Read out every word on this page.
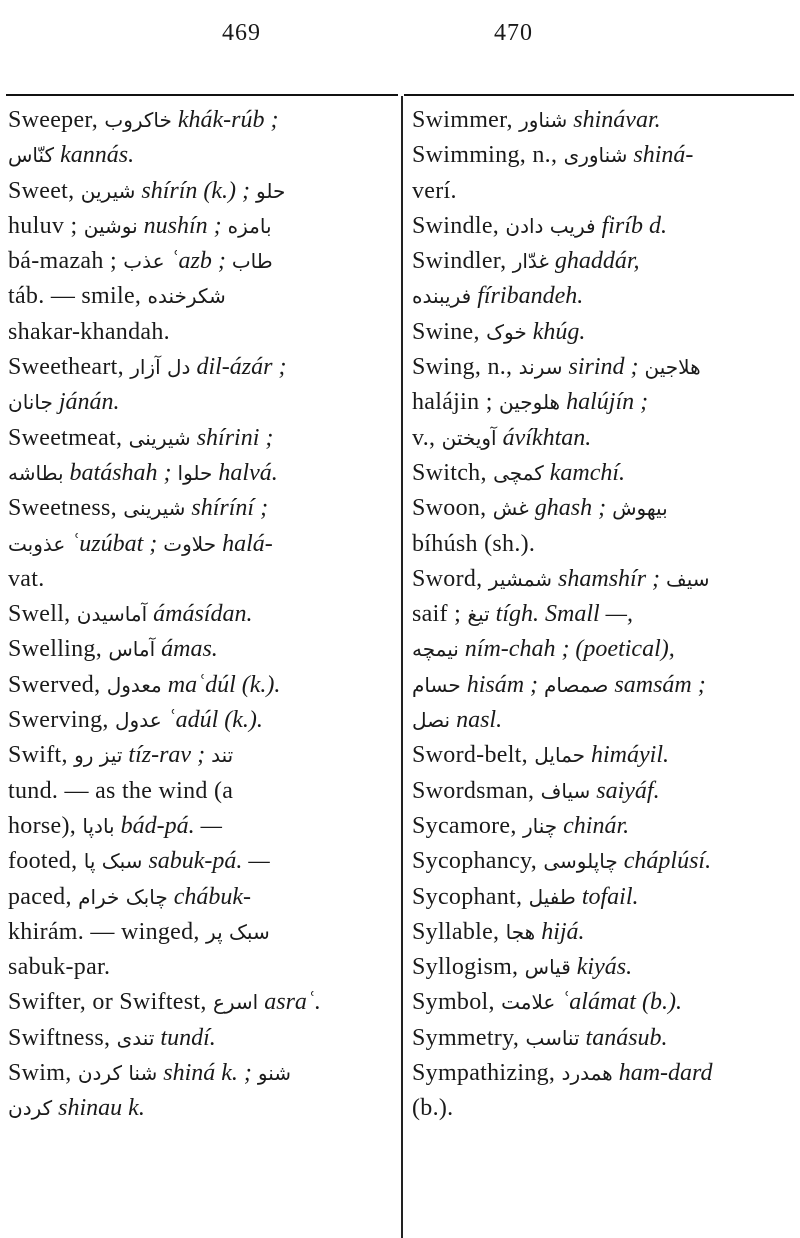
469	470
Sweeper, خاکروب khák-rúb ;
کنّاس kannás.
Sweet, شیرین shírín (k.) ; حلو
huluv ; نوشین nushín ; بامزه
bá-mazah ; عذب ʿazb ; طاب
táb. — smile, شکرخنده
shakar-khandah.
Sweetheart, دل آزار dil-ázár ;
جانان jánán.
Sweetmeat, شیرینی shírini ;
بطاشه batáshah ; حلوا halvá.
Sweetness, شیرینی shíríní ;
عذوبت ʿuzúbat ; حلاوت halá-
vat.
Swell, آماسیدن ámásídan.
Swelling, آماس ámas.
Swerved, معدول maʿdúl (k.).
Swerving, عدول ʿadúl (k.).
Swift, تیز رو tíz-rav ; تند
tund. — as the wind (a
horse), بادپا bád-pá. —
footed, سبک پا sabuk-pá. —
paced, چابک خرام chábuk-
khirám. — winged, سبک پر
sabuk-par.
Swifter, or Swiftest, اسرع asraʿ.
Swiftness, تندی tundí.
Swim, شنا کردن shiná k. ; شنو
کردن shinau k.
Swimmer, شناور shinávar.
Swimming, n., شناوری shiná-
verí.
Swindle, فریب دادن firíb d.
Swindler, غدّار ghaddár,
فریبنده fíribandeh.
Swine, خوک khúg.
Swing, n., سرند sirind ; هلاجین
halájin ; هلوجین halújín ;
v., آویختن ávíkhtan.
Switch, کمچی kamchí.
Swoon, غش ghash ; بیهوش
bíhúsh (sh.).
Sword, شمشیر shamshír ; سیف
saif ; تیغ tígh. Small —,
نیمچه ním-chah ; (poetical),
حسام hisám ; صمصام samsám ;
نصل nasl.
Sword-belt, حمایل himáyil.
Swordsman, سیاف saiyáf.
Sycamore, چنار chinár.
Sycophancy, چاپلوسی cháplúsí.
Sycophant, طفیل tofail.
Syllable, هجا hijá.
Syllogism, قیاس kiyás.
Symbol, علامت ʿalámat (b.).
Symmetry, تناسب tanásub.
Sympathizing, همدرد ham-dard
(b.).
